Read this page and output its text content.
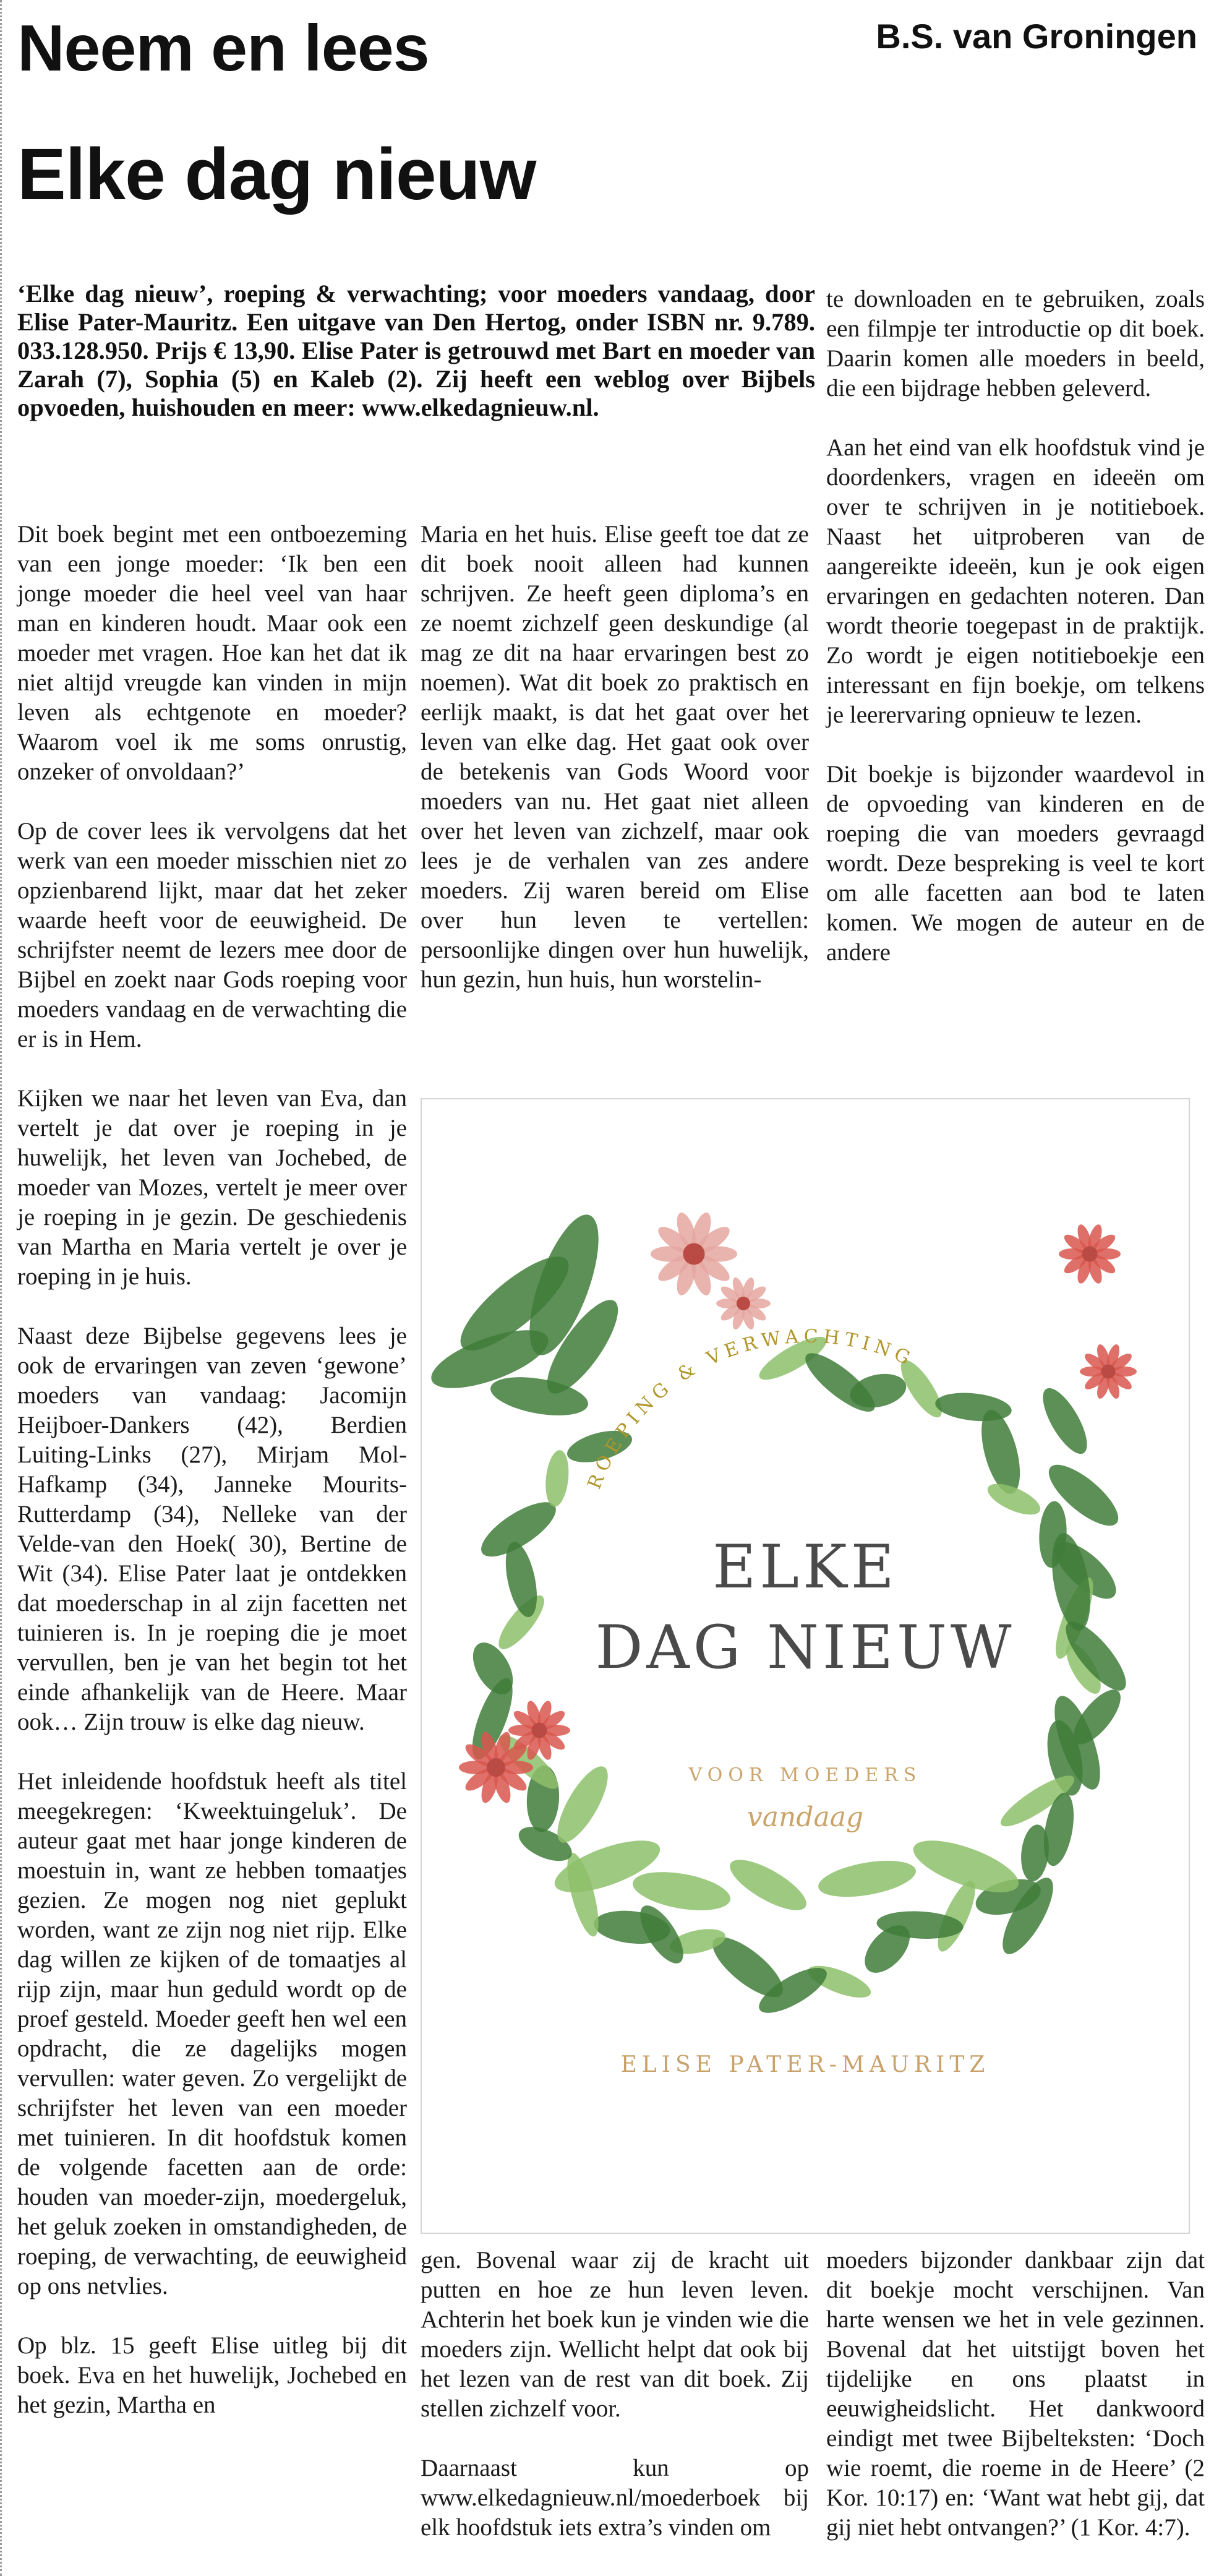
Neem en lees	B.S. van Groningen
Elke dag nieuw

‘Elke dag nieuw’, roeping & verwachting; voor moeders vandaag, door Elise Pater-Mauritz. Een uitgave van Den Hertog, onder ISBN nr. 9.789. 033.128.950. Prijs € 13,90. Elise Pater is getrouwd met Bart en moeder van Zarah (7), Sophia (5) en Kaleb (2). Zij heeft een weblog over Bijbels opvoeden, huishouden en meer: www.elkedagnieuw.nl.

Dit boek begint met een ontboezeming van een jonge moeder: ‘Ik ben een jonge moeder die heel veel van haar man en kinderen houdt. Maar ook een moeder met vragen. Hoe kan het dat ik niet altijd vreugde kan vinden in mijn leven als echtgenote en moeder? Waarom voel ik me soms onrustig, onzeker of onvoldaan?’

Op de cover lees ik vervolgens dat het werk van een moeder misschien niet zo opzienbarend lijkt, maar dat het zeker waarde heeft voor de eeuwigheid. De schrijfster neemt de lezers mee door de Bijbel en zoekt naar Gods roeping voor moeders vandaag en de verwachting die er is in Hem.

Kijken we naar het leven van Eva, dan vertelt je dat over je roeping in je huwelijk, het leven van Jochebed, de moeder van Mozes, vertelt je meer over je roeping in je gezin. De geschiedenis van Martha en Maria vertelt je over je roeping in je huis.

Naast deze Bijbelse gegevens lees je ook de ervaringen van zeven ‘gewone’ moeders van vandaag: Jacomijn Heijboer-Dankers (42), Berdien Luiting-Links (27), Mirjam Mol-Hafkamp (34), Janneke Mourits-Rutterdamp (34), Nelleke van der Velde-van den Hoek( 30), Bertine de Wit (34). Elise Pater laat je ontdekken dat moederschap in al zijn facetten net tuinieren is. In je roeping die je moet vervullen, ben je van het begin tot het einde afhankelijk van de Heere. Maar ook… Zijn trouw is elke dag nieuw.

Het inleidende hoofdstuk heeft als titel meegekregen: ‘Kweektuingeluk’. De auteur gaat met haar jonge kinderen de moestuin in, want ze hebben tomaatjes gezien. Ze mogen nog niet geplukt worden, want ze zijn nog niet rijp. Elke dag willen ze kijken of de tomaatjes al rijp zijn, maar hun geduld wordt op de proef gesteld. Moeder geeft hen wel een opdracht, die ze dagelijks mogen vervullen: water geven. Zo vergelijkt de schrijfster het leven van een moeder met tuinieren. In dit hoofdstuk komen de volgende facetten aan de orde: houden van moeder-zijn, moedergeluk, het geluk zoeken in omstandigheden, de roeping, de verwachting, de eeuwigheid op ons netvlies.

Op blz. 15 geeft Elise uitleg bij dit boek. Eva en het huwelijk, Jochebed en het gezin, Martha en

Maria en het huis. Elise geeft toe dat ze dit boek nooit alleen had kunnen schrijven. Ze heeft geen diploma’s en ze noemt zichzelf geen deskundige (al mag ze dit na haar ervaringen best zo noemen). Wat dit boek zo praktisch en eerlijk maakt, is dat het gaat over het leven van elke dag. Het gaat ook over de betekenis van Gods Woord voor moeders van nu. Het gaat niet alleen over het leven van zichzelf, maar ook lees je de verhalen van zes andere moeders. Zij waren bereid om Elise over hun leven te vertellen: persoonlijke dingen over hun huwelijk, hun gezin, hun huis, hun worstelin-

te downloaden en te gebruiken, zoals een filmpje ter introductie op dit boek. Daarin komen alle moeders in beeld, die een bijdrage hebben geleverd.

Aan het eind van elk hoofdstuk vind je doordenkers, vragen en ideeën om over te schrijven in je notitieboek. Naast het uitproberen van de aangereikte ideeën, kun je ook eigen ervaringen en gedachten noteren. Dan wordt theorie toegepast in de praktijk. Zo wordt je eigen notitieboekje een interessant en fijn boekje, om telkens je leerervaring opnieuw te lezen.

Dit boekje is bijzonder waardevol in de opvoeding van kinderen en de roeping die van moeders gevraagd wordt. Deze bespreking is veel te kort om alle facetten aan bod te laten komen. We mogen de auteur en de andere

ROEPING & VERWACHTING
ELKE
DAG NIEUW
VOOR MOEDERS
vandaag
ELISE PATER-MAURITZ

gen. Bovenal waar zij de kracht uit putten en hoe ze hun leven leven. Achterin het boek kun je vinden wie die moeders zijn. Wellicht helpt dat ook bij het lezen van de rest van dit boek. Zij stellen zichzelf voor.

Daarnaast kun op www.elkedagnieuw.nl/moederboek bij elk hoofdstuk iets extra’s vinden om

moeders bijzonder dankbaar zijn dat dit boekje mocht verschijnen. Van harte wensen we het in vele gezinnen. Bovenal dat het uitstijgt boven het tijdelijke en ons plaatst in eeuwigheidslicht. Het dankwoord eindigt met twee Bijbelteksten: ‘Doch wie roemt, die roeme in de Heere’ (2 Kor. 10:17) en: ‘Want wat hebt gij, dat gij niet hebt ontvangen?’ (1 Kor. 4:7).
